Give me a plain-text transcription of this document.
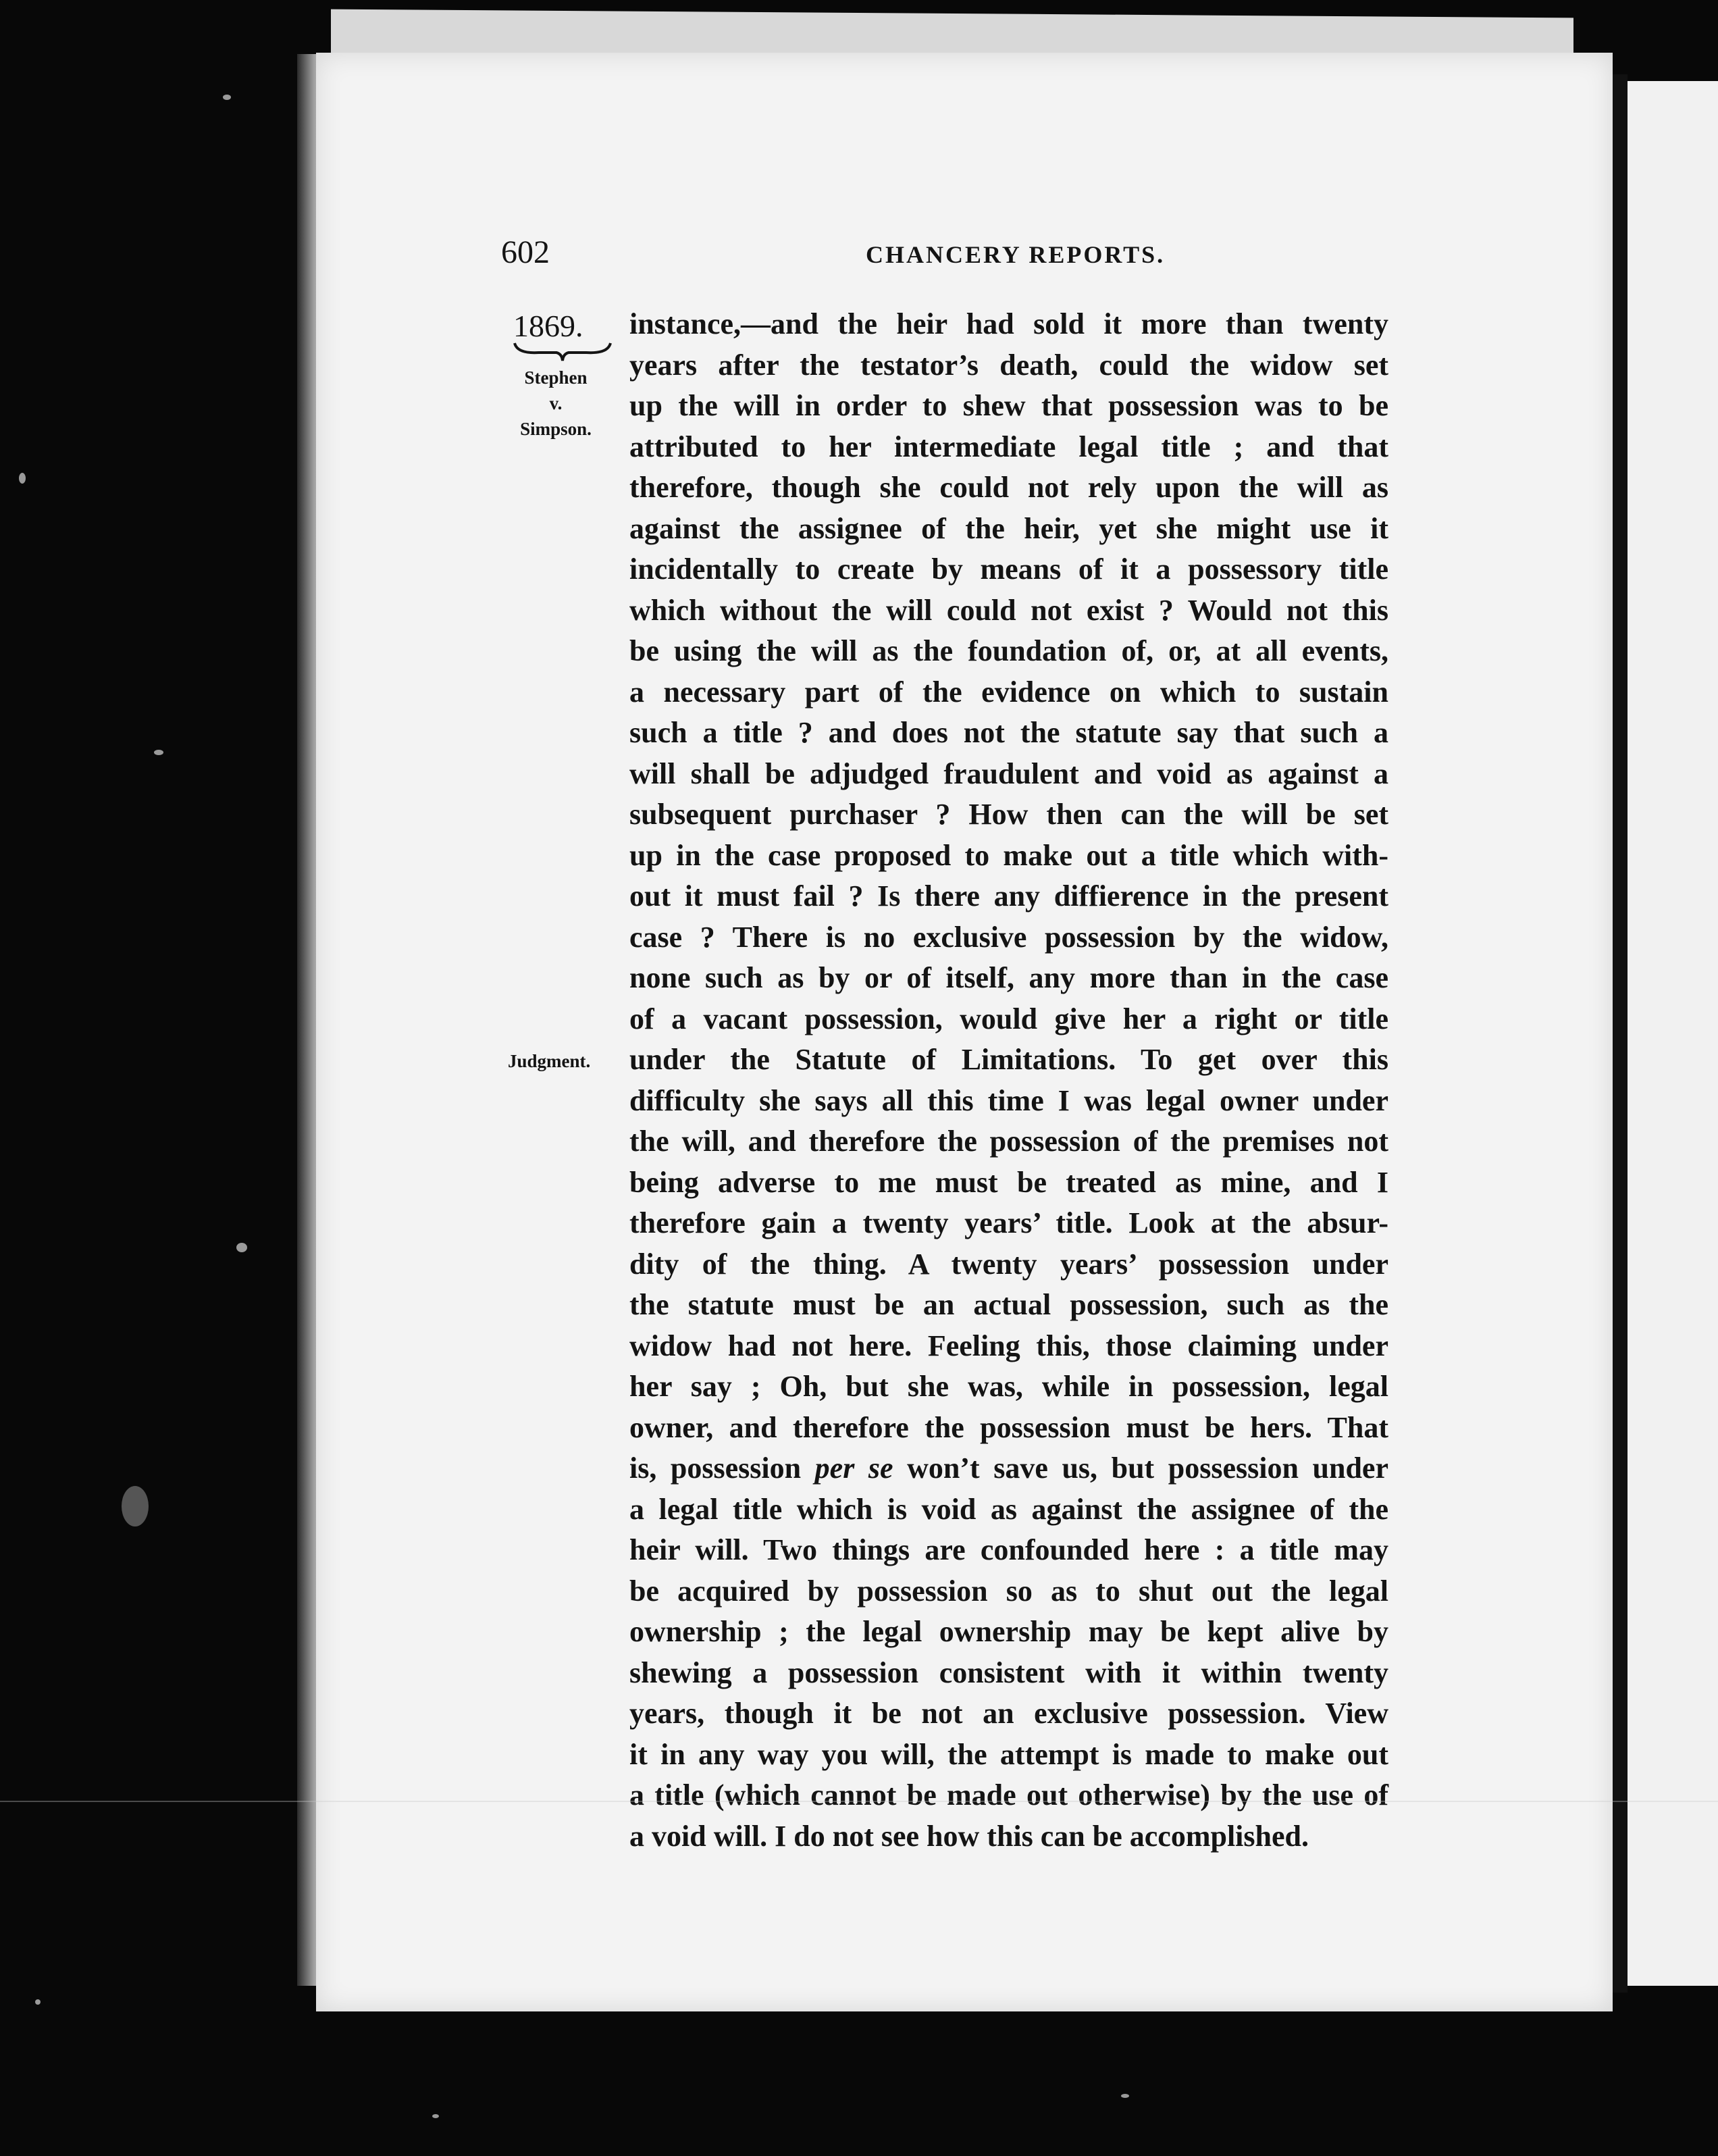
602	CHANCERY REPORTS.
1869.
Stephen
v.
Simpson.
Judgment.
instance,—and the heir had sold it more than twenty
years after the testator’s death, could the widow set
up the will in order to shew that possession was to be
attributed to her intermediate legal title ; and that
therefore, though she could not rely upon the will as
against the assignee of the heir, yet she might use it
incidentally to create by means of it a possessory title
which without the will could not exist ? Would not this
be using the will as the foundation of, or, at all events,
a necessary part of the evidence on which to sustain
such a title ? and does not the statute say that such a
will shall be adjudged fraudulent and void as against a
subsequent purchaser ? How then can the will be set
up in the case proposed to make out a title which with-
out it must fail ? Is there any diffierence in the present
case ? There is no exclusive possession by the widow,
none such as by or of itself, any more than in the case
of a vacant possession, would give her a right or title
under the Statute of Limitations. To get over this
difficulty she says all this time I was legal owner under
the will, and therefore the possession of the premises not
being adverse to me must be treated as mine, and I
therefore gain a twenty years’ title. Look at the absur-
dity of the thing. A twenty years’ possession under
the statute must be an actual possession, such as the
widow had not here. Feeling this, those claiming under
her say ; Oh, but she was, while in possession, legal
owner, and therefore the possession must be hers. That
is, possession per se won’t save us, but possession under
a legal title which is void as against the assignee of the
heir will. Two things are confounded here : a title may
be acquired by possession so as to shut out the legal
ownership ; the legal ownership may be kept alive by
shewing a possession consistent with it within twenty
years, though it be not an exclusive possession. View
it in any way you will, the attempt is made to make out
a title (which cannot be made out otherwise) by the use of
a void will. I do not see how this can be accomplished.
